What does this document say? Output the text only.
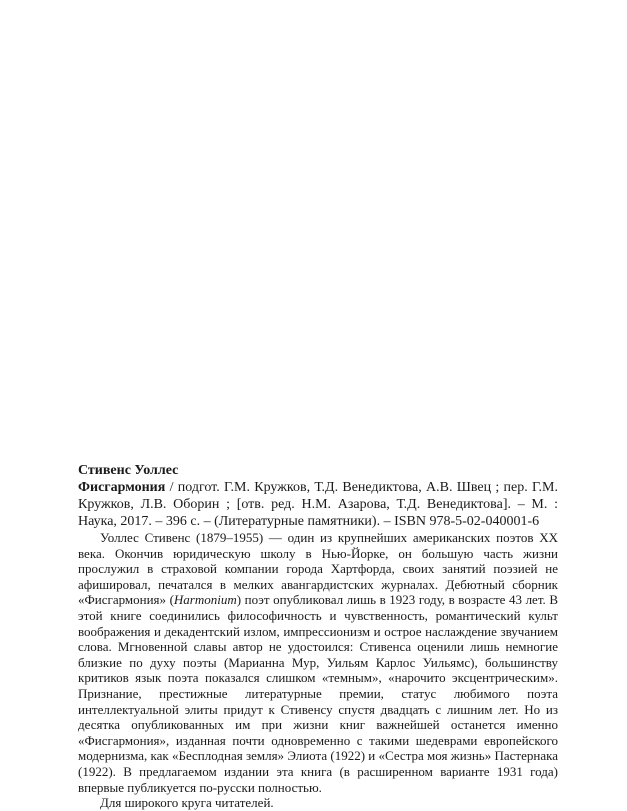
Стивенс Уоллес
Фисгармония / подгот. Г.М. Кружков, Т.Д. Венедиктова, А.В. Швец ; пер. Г.М. Кружков, Л.В. Оборин ; [отв. ред. Н.М. Азарова, Т.Д. Венедиктова]. – М. : Наука, 2017. – 396 с. – (Литературные памятники). – ISBN 978-5-02-040001-6

Уоллес Стивенс (1879–1955) — один из крупнейших американских поэтов XX века. Окончив юридическую школу в Нью-Йорке, он большую часть жизни прослужил в страховой компании города Хартфорда, своих занятий поэзией не афишировал, печатался в мелких авангардистских журналах. Дебютный сборник «Фисгармония» (Harmonium) поэт опубликовал лишь в 1923 году, в возрасте 43 лет. В этой книге соединились философичность и чувственность, романтический культ воображения и декадентский излом, импрессионизм и острое наслаждение звучанием слова. Мгновенной славы автор не удостоился: Стивенса оценили лишь немногие близкие по духу поэты (Марианна Мур, Уильям Карлос Уильямс), большинству критиков язык поэта показался слишком «темным», «нарочито эксцентрическим». Признание, престижные литературные премии, статус любимого поэта интеллектуальной элиты придут к Стивенсу спустя двадцать с лишним лет. Но из десятка опубликованных им при жизни книг важнейшей останется именно «Фисгармония», изданная почти одновременно с такими шедеврами европейского модернизма, как «Бесплодная земля» Элиота (1922) и «Сестра моя жизнь» Пастернака (1922). В предлагаемом издании эта книга (в расширенном варианте 1931 года) впервые публикуется по-русски полностью.

Для широкого круга читателей.
